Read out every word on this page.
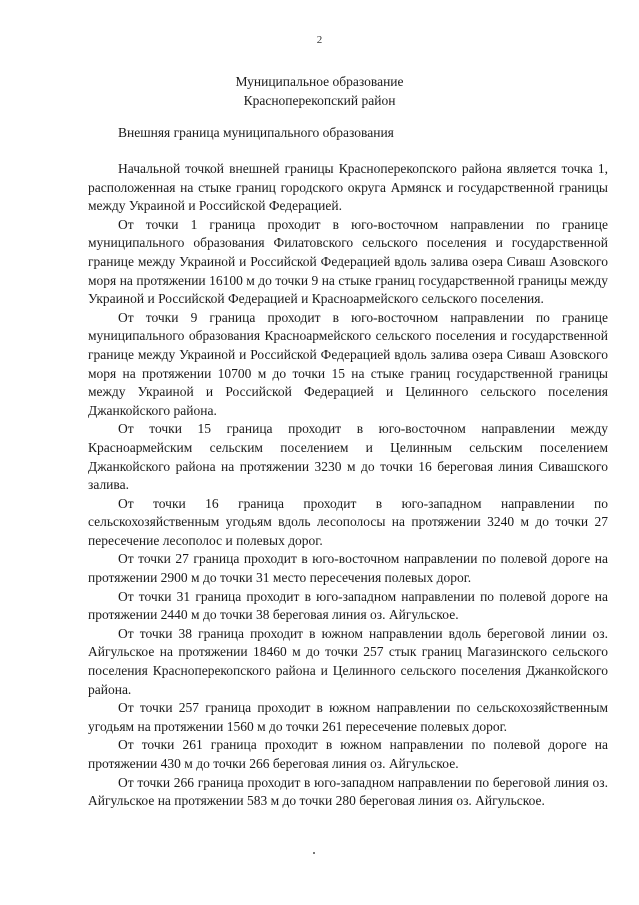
2
Муниципальное образование
Красноперекопский район
Внешняя граница муниципального образования

Начальной точкой внешней границы Красноперекопского района является точка 1, расположенная на стыке границ городского округа Армянск и государственной границы между Украиной и Российской Федерацией.

От точки 1 граница проходит в юго-восточном направлении по границе муниципального образования Филатовского сельского поселения и государственной границе между Украиной и Российской Федерацией вдоль залива озера Сиваш Азовского моря на протяжении 16100 м до точки 9 на стыке границ государственной границы между Украиной и Российской Федерацией и Красноармейского сельского поселения.

От точки 9 граница проходит в юго-восточном направлении по границе муниципального образования Красноармейского сельского поселения и государственной границе между Украиной и Российской Федерацией вдоль залива озера Сиваш Азовского моря на протяжении 10700 м до точки 15 на стыке границ государственной границы между Украиной и Российской Федерацией и Целинного сельского поселения Джанкойского района.

От точки 15 граница проходит в юго-восточном направлении между Красноармейским сельским поселением и Целинным сельским поселением Джанкойского района на протяжении 3230 м до точки 16 береговая линия Сивашского залива.

От точки 16 граница проходит в юго-западном направлении по сельскохозяйственным угодьям вдоль лесополосы на протяжении 3240 м до точки 27 пересечение лесополос и полевых дорог.

От точки 27 граница проходит в юго-восточном направлении по полевой дороге на протяжении 2900 м до точки 31 место пересечения полевых дорог.

От точки 31 граница проходит в юго-западном направлении по полевой дороге на протяжении 2440 м до точки 38 береговая линия оз. Айгульское.

От точки 38 граница проходит в южном направлении вдоль береговой линии оз. Айгульское на протяжении 18460 м до точки 257 стык границ Магазинского сельского поселения Красноперекопского района и Целинного сельского поселения Джанкойского района.

От точки 257 граница проходит в южном направлении по сельскохозяйственным угодьям на протяжении 1560 м до точки 261 пересечение полевых дорог.

От точки 261 граница проходит в южном направлении по полевой дороге на протяжении 430 м до точки 266 береговая линия оз. Айгульское.

От точки 266 граница проходит в юго-западном направлении по береговой линия оз. Айгульское на протяжении 583 м до точки 280 береговая линия оз. Айгульское.
